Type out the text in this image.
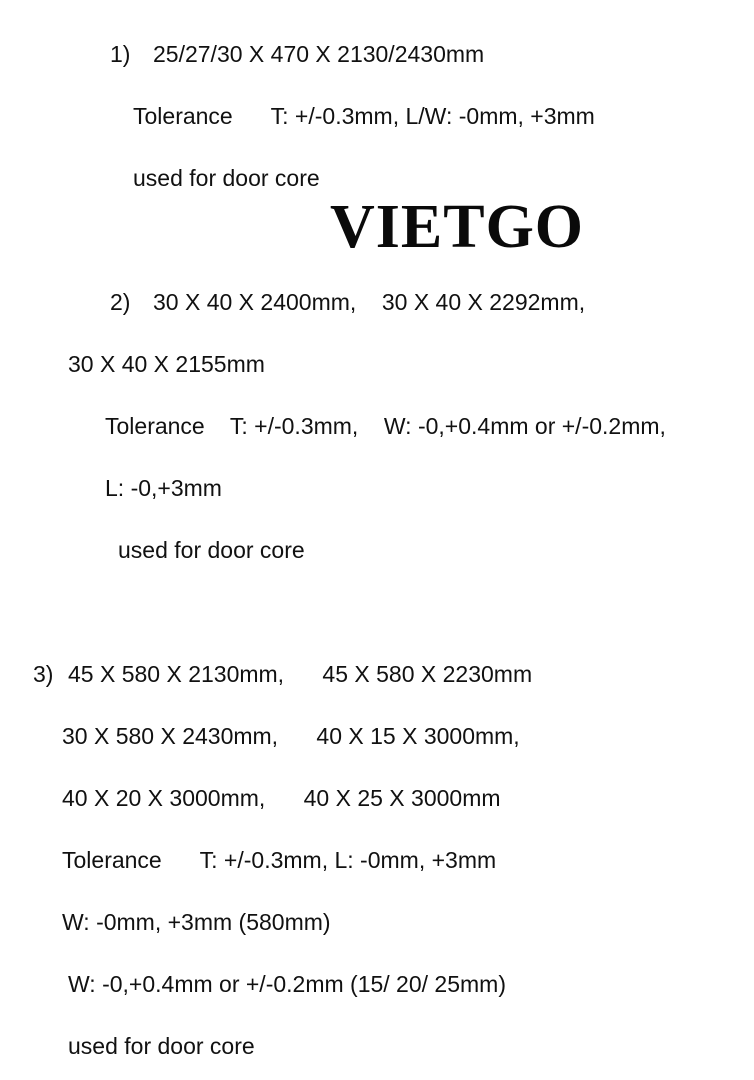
1) 25/27/30 X 470 X 2130/2430mm

Tolerance      T: +/-0.3mm, L/W: -0mm, +3mm

used for door core

VIETGO

2) 30 X 40 X 2400mm,    30 X 40 X 2292mm,

30 X 40 X 2155mm

Tolerance    T: +/-0.3mm,    W: -0,+0.4mm or +/-0.2mm,

L: -0,+3mm

used for door core

3) 45 X 580 X 2130mm,      45 X 580 X 2230mm

30 X 580 X 2430mm,      40 X 15 X 3000mm,

40 X 20 X 3000mm,      40 X 25 X 3000mm

Tolerance      T: +/-0.3mm, L: -0mm, +3mm

W: -0mm, +3mm (580mm)

W: -0,+0.4mm or +/-0.2mm (15/ 20/ 25mm)

used for door core
